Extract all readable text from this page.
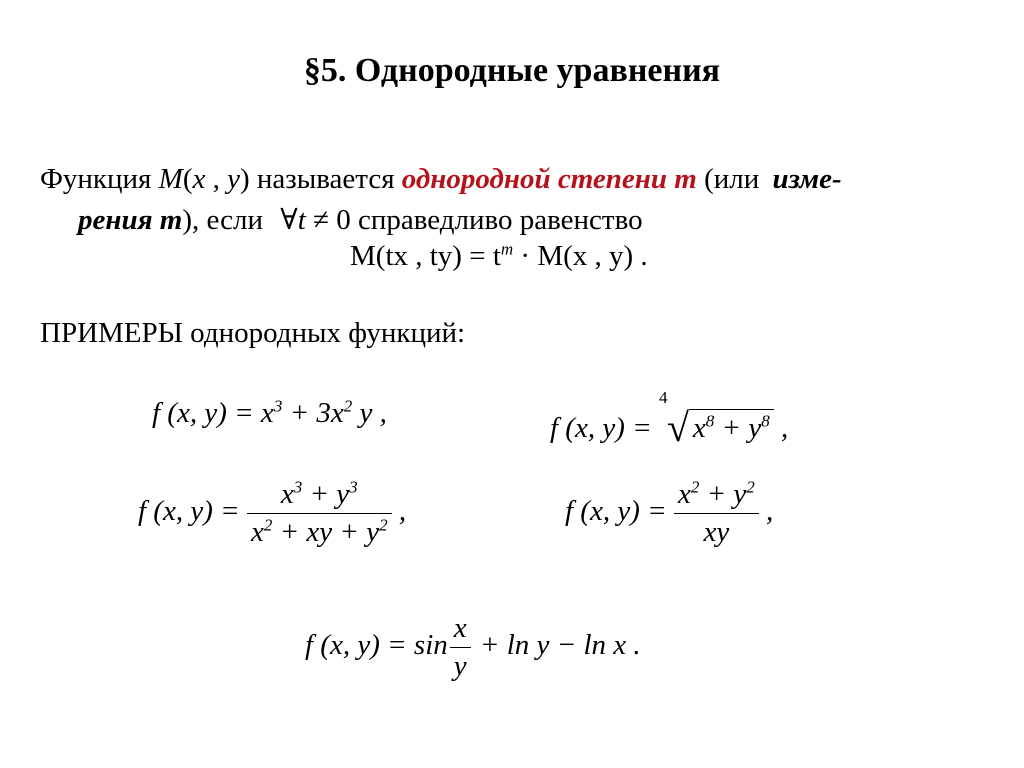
§5. Однородные уравнения
Функция M(x , y) называется однородной степени m (или изме-
рения m), если ∀t ≠ 0 справедливо равенство
M(tx , $ty) = t^m \cdot M(x$ , y) .
ПРИМЕРЫ однородных функций:
f (x, $y) = x^3 + 3x^2$ y ,	f (x, y) =
4
√ $x^8 + y^8$ ,
f (x, $y) = \frac{x^3 + y^3}{x^2 + xy + y^2}$ ,	f (x, $y) = \frac{x^2 + y^2}{xy}$ ,
f (x, $y) = \sin \frac{x}{y} + \ln y - \ln x$ .
